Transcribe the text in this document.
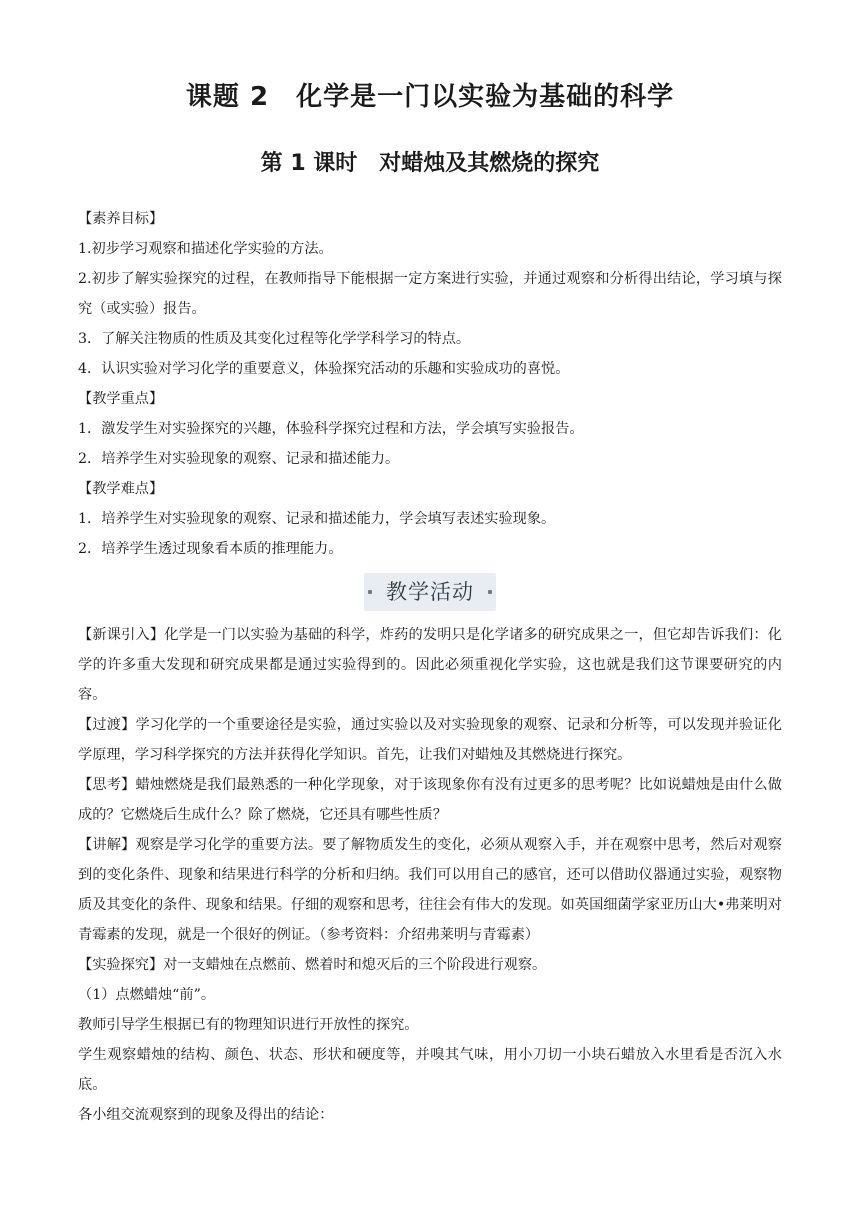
课题 2　化学是一门以实验为基础的科学
第 1 课时　对蜡烛及其燃烧的探究
【素养目标】
1.初步学习观察和描述化学实验的方法。
2.初步了解实验探究的过程，在教师指导下能根据一定方案进行实验，并通过观察和分析得出结论，学习填与探究（或实验）报告。
3．了解关注物质的性质及其变化过程等化学学科学习的特点。
4．认识实验对学习化学的重要意义，体验探究活动的乐趣和实验成功的喜悦。
【教学重点】
1．激发学生对实验探究的兴趣，体验科学探究过程和方法，学会填写实验报告。
2．培养学生对实验现象的观察、记录和描述能力。
【教学难点】
1．培养学生对实验现象的观察、记录和描述能力，学会填写表述实验现象。
2．培养学生透过现象看本质的推理能力。
教学活动
【新课引入】化学是一门以实验为基础的科学，炸药的发明只是化学诸多的研究成果之一，但它却告诉我们：化学的许多重大发现和研究成果都是通过实验得到的。因此必须重视化学实验，这也就是我们这节课要研究的内容。
【过渡】学习化学的一个重要途径是实验，通过实验以及对实验现象的观察、记录和分析等，可以发现并验证化学原理，学习科学探究的方法并获得化学知识。首先，让我们对蜡烛及其燃烧进行探究。
【思考】蜡烛燃烧是我们最熟悉的一种化学现象，对于该现象你有没有过更多的思考呢？比如说蜡烛是由什么做成的？它燃烧后生成什么？除了燃烧，它还具有哪些性质？
【讲解】观察是学习化学的重要方法。要了解物质发生的变化，必须从观察入手，并在观察中思考，然后对观察到的变化条件、现象和结果进行科学的分析和归纳。我们可以用自己的感官，还可以借助仪器通过实验，观察物质及其变化的条件、现象和结果。仔细的观察和思考，往往会有伟大的发现。如英国细菌学家亚历山大•弗莱明对青霉素的发现，就是一个很好的例证。（参考资料：介绍弗莱明与青霉素）
【实验探究】对一支蜡烛在点燃前、燃着时和熄灭后的三个阶段进行观察。
（1）点燃蜡烛“前”。
教师引导学生根据已有的物理知识进行开放性的探究。
学生观察蜡烛的结构、颜色、状态、形状和硬度等，并嗅其气味，用小刀切一小块石蜡放入水里看是否沉入水底。
各小组交流观察到的现象及得出的结论：
